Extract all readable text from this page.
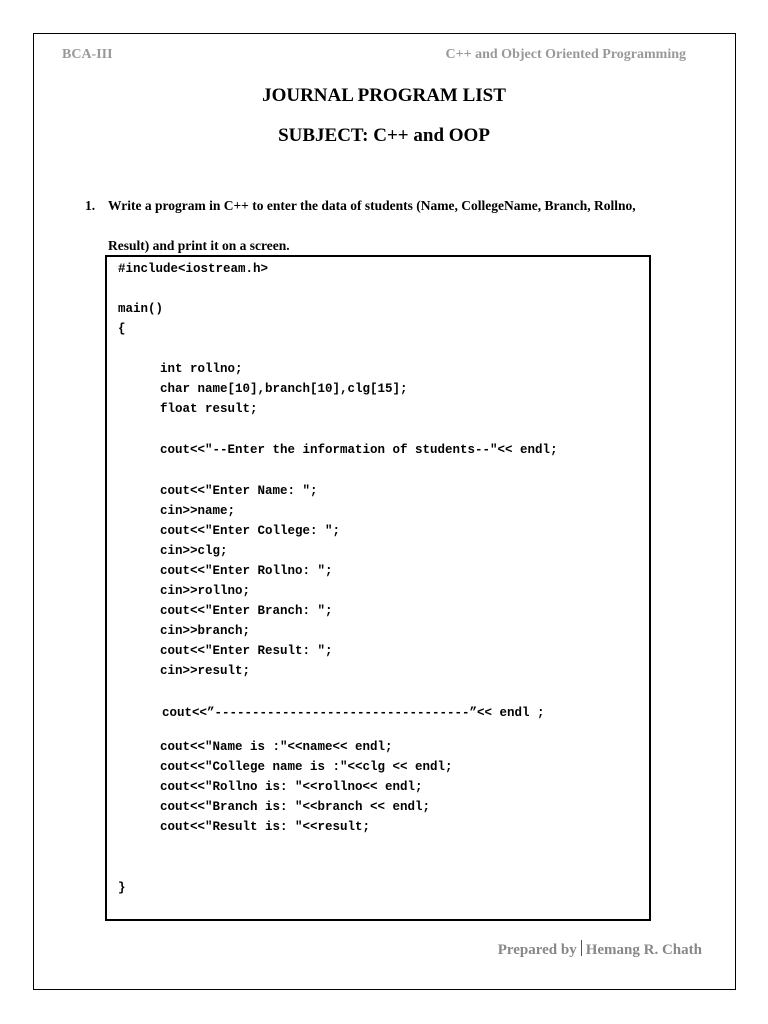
BCA-III	C++ and Object Oriented Programming
JOURNAL PROGRAM LIST
SUBJECT: C++ and OOP
1. Write a program in C++ to enter the data of students (Name, CollegeName, Branch, Rollno,
Result) and print it on a screen.
#include<iostream.h>
main()
{
int rollno;
char name[10],branch[10],clg[15];
float result;
cout<<"--Enter the information of students--"<< endl;
cout<<"Enter Name: ";
cin>>name;
cout<<"Enter College: ";
cin>>clg;
cout<<"Enter Rollno: ";
cin>>rollno;
cout<<"Enter Branch: ";
cin>>branch;
cout<<"Enter Result: ";
cin>>result;
cout<<”----------------------------------”<< endl ;
cout<<"Name is :"<<name<< endl;
cout<<"College name is :"<<clg << endl;
cout<<"Rollno is: "<<rollno<< endl;
cout<<"Branch is: "<<branch << endl;
cout<<"Result is: "<<result;
}
Prepared by Hemang R. Chath
